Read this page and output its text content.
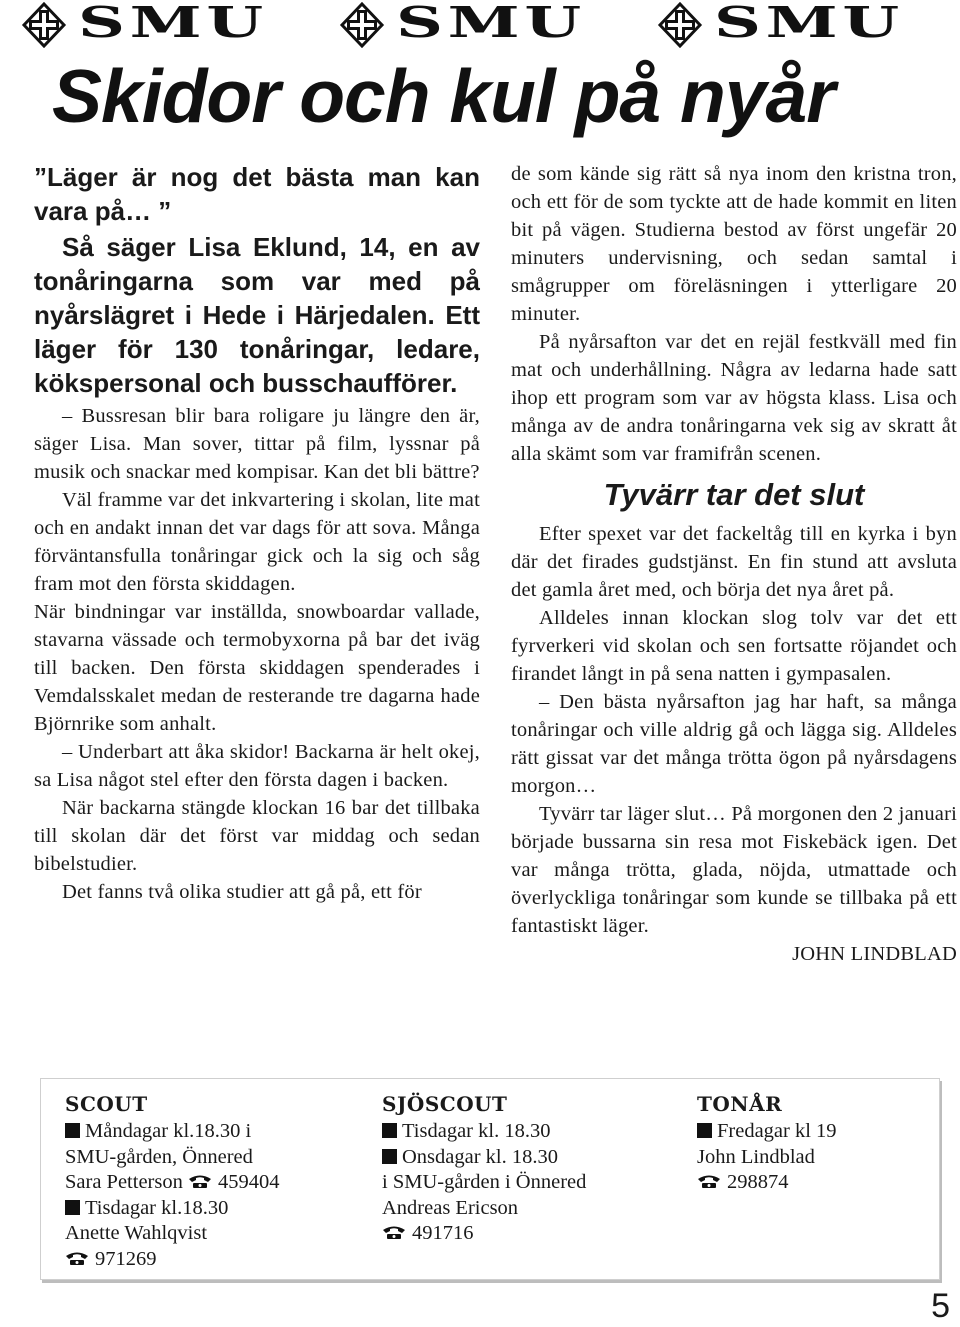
SMU	SMU	SMU
Skidor och kul på nyår

”Läger är nog det bästa man kan vara på… ”

Så säger Lisa Eklund, 14, en av tonåringarna som var med på nyårslägret i Hede i Härjedalen. Ett läger för 130 tonåringar, ledare, kökspersonal och busschaufförer.

– Bussresan blir bara roligare ju längre den är, säger Lisa. Man sover, tittar på film, lyssnar på musik och snackar med kompisar. Kan det bli bättre?

Väl framme var det inkvartering i skolan, lite mat och en andakt innan det var dags för att sova. Många förväntansfulla tonåringar gick och la sig och såg fram mot den första skiddagen.

När bindningar var inställda, snowboardar vallade, stavarna vässade och termobyxorna på bar det iväg till backen. Den första skiddagen spenderades i Vemdalsskalet medan de resterande tre dagarna hade Björnrike som anhalt.

– Underbart att åka skidor! Backarna är helt okej, sa Lisa något stel efter den första dagen i backen.

När backarna stängde klockan 16 bar det tillbaka till skolan där det först var middag och sedan bibelstudier.

Det fanns två olika studier att gå på, ett för

de som kände sig rätt så nya inom den kristna tron, och ett för de som tyckte att de hade kommit en liten bit på vägen. Studierna bestod av först ungefär 20 minuters undervisning, och sedan samtal i smågrupper om föreläsningen i ytterligare 20 minuter.

På nyårsafton var det en rejäl festkväll med fin mat och underhållning. Några av ledarna hade satt ihop ett program som var av högsta klass. Lisa och många av de andra tonåringarna vek sig av skratt åt alla skämt som var framifrån scenen.

Tyvärr tar det slut

Efter spexet var det fackeltåg till en kyrka i byn där det firades gudstjänst. En fin stund att avsluta det gamla året med, och börja det nya året på.

Alldeles innan klockan slog tolv var det ett fyrverkeri vid skolan och sen fortsatte röjandet och firandet långt in på sena natten i gympasalen.

– Den bästa nyårsafton jag har haft, sa många tonåringar och ville aldrig gå och lägga sig. Alldeles rätt gissat var det många trötta ögon på nyårsdagens morgon…

Tyvärr tar läger slut… På morgonen den 2 januari började bussarna sin resa mot Fiskebäck igen. Det var många trötta, glada, nöjda, utmattade och överlyckliga tonåringar som kunde se tillbaka på ett fantastiskt läger.

JOHN LINDBLAD

SCOUT
Måndagar kl.18.30 i
SMU-gården, Önnered
Sara Petterson 459404
Tisdagar kl.18.30
Anette Wahlqvist
971269
SJÖSCOUT
Tisdagar kl. 18.30
Onsdagar kl. 18.30
i SMU-gården i Önnered
Andreas Ericson
491716
TONÅR
Fredagar kl 19
John Lindblad
298874

5
